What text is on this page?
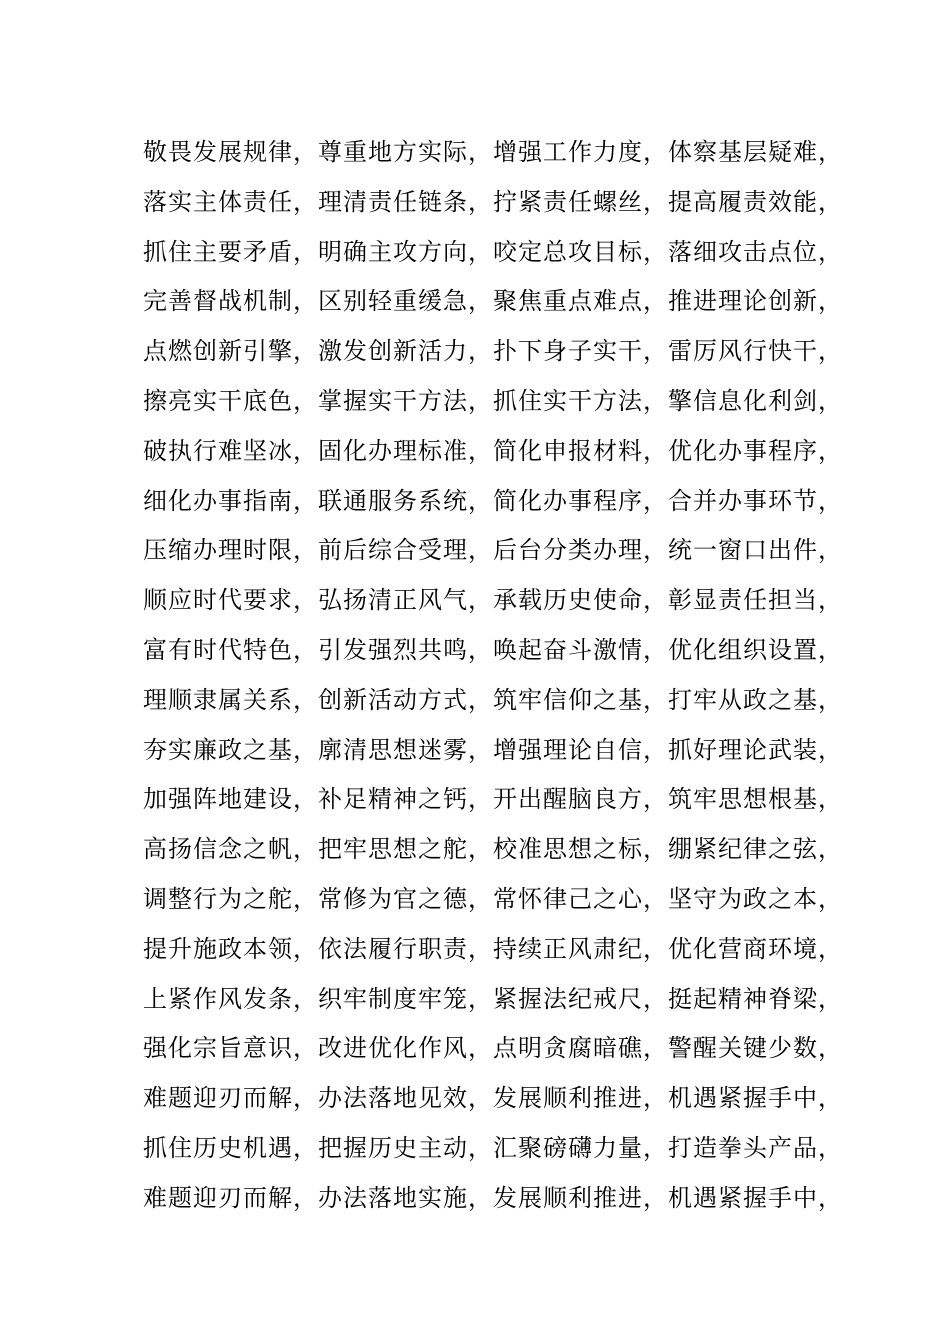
敬畏发展规律，尊重地方实际，增强工作力度，体察基层疑难，
落实主体责任，理清责任链条，拧紧责任螺丝，提高履责效能，
抓住主要矛盾，明确主攻方向，咬定总攻目标，落细攻击点位，
完善督战机制，区别轻重缓急，聚焦重点难点，推进理论创新，
点燃创新引擎，激发创新活力，扑下身子实干，雷厉风行快干，
擦亮实干底色，掌握实干方法，抓住实干方法，擎信息化利剑，
破执行难坚冰，固化办理标准，简化申报材料，优化办事程序，
细化办事指南，联通服务系统，简化办事程序，合并办事环节，
压缩办理时限，前后综合受理，后台分类办理，统一窗口出件，
顺应时代要求，弘扬清正风气，承载历史使命，彰显责任担当，
富有时代特色，引发强烈共鸣，唤起奋斗激情，优化组织设置，
理顺隶属关系，创新活动方式，筑牢信仰之基，打牢从政之基，
夯实廉政之基，廓清思想迷雾，增强理论自信，抓好理论武装，
加强阵地建设，补足精神之钙，开出醒脑良方，筑牢思想根基，
高扬信念之帆，把牢思想之舵，校准思想之标，绷紧纪律之弦，
调整行为之舵，常修为官之德，常怀律己之心，坚守为政之本，
提升施政本领，依法履行职责，持续正风肃纪，优化营商环境，
上紧作风发条，织牢制度牢笼，紧握法纪戒尺，挺起精神脊梁，
强化宗旨意识，改进优化作风，点明贪腐暗礁，警醒关键少数，
难题迎刃而解，办法落地见效，发展顺利推进，机遇紧握手中，
抓住历史机遇，把握历史主动，汇聚磅礴力量，打造拳头产品，
难题迎刃而解，办法落地实施，发展顺利推进，机遇紧握手中，
